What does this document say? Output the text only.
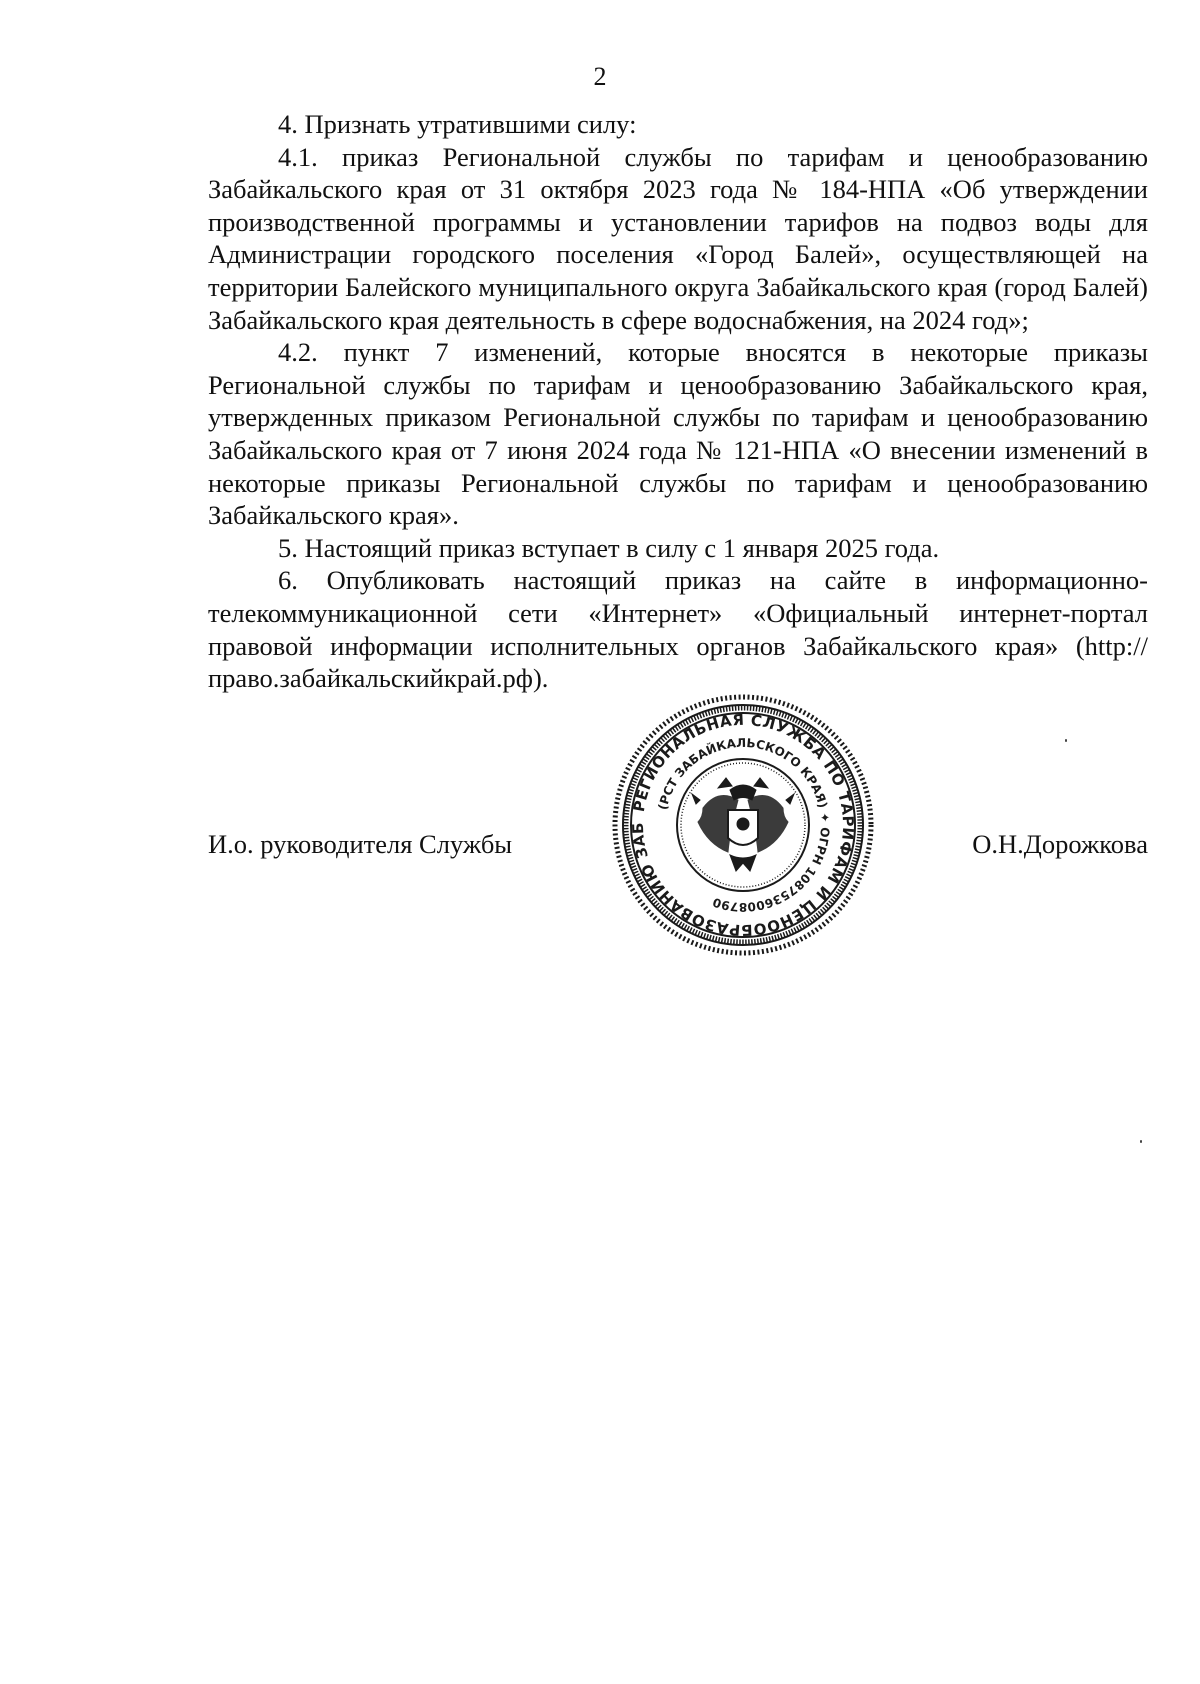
2

4. Признать утратившими силу:

4.1. приказ Региональной службы по тарифам и ценообразованию Забайкальского края от 31 октября 2023 года № 184-НПА «Об утверждении производственной программы и установлении тарифов на подвоз воды для Администрации городского поселения «Город Балей», осуществляющей на территории Балейского муниципального округа Забайкальского края (город Балей) Забайкальского края деятельность в сфере водоснабжения, на 2024 год»;

4.2. пункт 7 изменений, которые вносятся в некоторые приказы Региональной службы по тарифам и ценообразованию Забайкальского края, утвержденных приказом Региональной службы по тарифам и ценообразованию Забайкальского края от 7 июня 2024 года № 121-НПА «О внесении изменений в некоторые приказы Региональной службы по тарифам и ценообразованию Забайкальского края».

5. Настоящий приказ вступает в силу с 1 января 2025 года.

6. Опубликовать настоящий приказ на сайте в информационно-телекоммуникационной сети «Интернет» «Официальный интернет-портал правовой информации исполнительных органов Забайкальского края» (http://право.забайкальскийкрай.рф).

И.о. руководителя Службы	О.Н.Дорожкова
РЕГИОНАЛЬНАЯ СЛУЖБА ПО ТАРИФАМ И ЦЕНООБРАЗОВАНИЮ ЗАБ
(РСТ ЗАБАЙКАЛЬСКОГО КРАЯ) ✦ ОГРН 1087536008790
